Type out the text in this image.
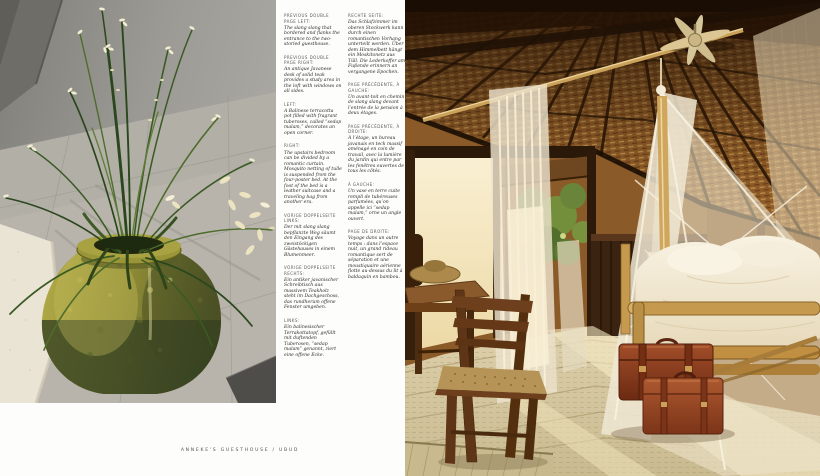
PREVIOUS DOUBLE PAGE LEFT:
The slang slang that bordered and flanks the entrance to the two-storied guesthouse.
PREVIOUS DOUBLE PAGE RIGHT:
An antique Javanese desk of solid teak provides a study area in the loft with windows on all sides.
LEFT:
A Balinese terracotta pot filled with fragrant tuberoses, called “sedap malam,” decorates an open corner.
RIGHT:
The upstairs bedroom can be divided by a romantic curtain. Mosquito netting of tulle is suspended from the four-poster bed. At the foot of the bed is a leather suitcase and a traveling bag from another era.
VORIGE DOPPELSEITE LINKS:
Der mit slang slang bepflanzte Weg säumt den Eingang des zweistöckigen Gästehauses in einem Blumenmeer.
VORIGE DOPPELSEITE RECHTS:
Ein antiker javanischer Schreibtisch aus massivem Teakholz steht im Dachgeschoss, das rundherum offene Fenster umgeben.
LINKS:
Ein balinesischer Terrakottatopf, gefüllt mit duftenden Tuberosen, “sedap malam” genannt, ziert eine offene Ecke.
RECHTE SEITE:
Das Schlafzimmer im oberen Stockwerk kann durch einen romantischen Vorhang unterteilt werden. Über dem Himmelbett hängt ein Moskitonetz aus Tüll. Die Lederkoffer am Fußende erinnern an vergangene Epochen.
PAGE PRÉCÉDENTE, À GAUCHE:
Un avant-toit en chemin de slang slang devant l’entrée de la pension à deux étages.
PAGE PRÉCÉDENTE, À DROITE:
À l’étage, un bureau javanais en teck massif aménagé en coin de travail, avec la lumière du jardin qui entre par les fenêtres ouvertes de tous les côtés.
À GAUCHE:
Un vase en terre cuite rempli de tubéreuses parfumées, qu’on appelle ici “sedap malam,” orne un angle ouvert.
PAGE DE DROITE:
Voyage dans un autre temps : dans l’espace nuit, un grand rideau romantique sert de séparation et une moustiquaire aérienne flotte au-dessus du lit à baldaquin en bambou.
ANNEKE'S GUESTHOUSE / UBUD
